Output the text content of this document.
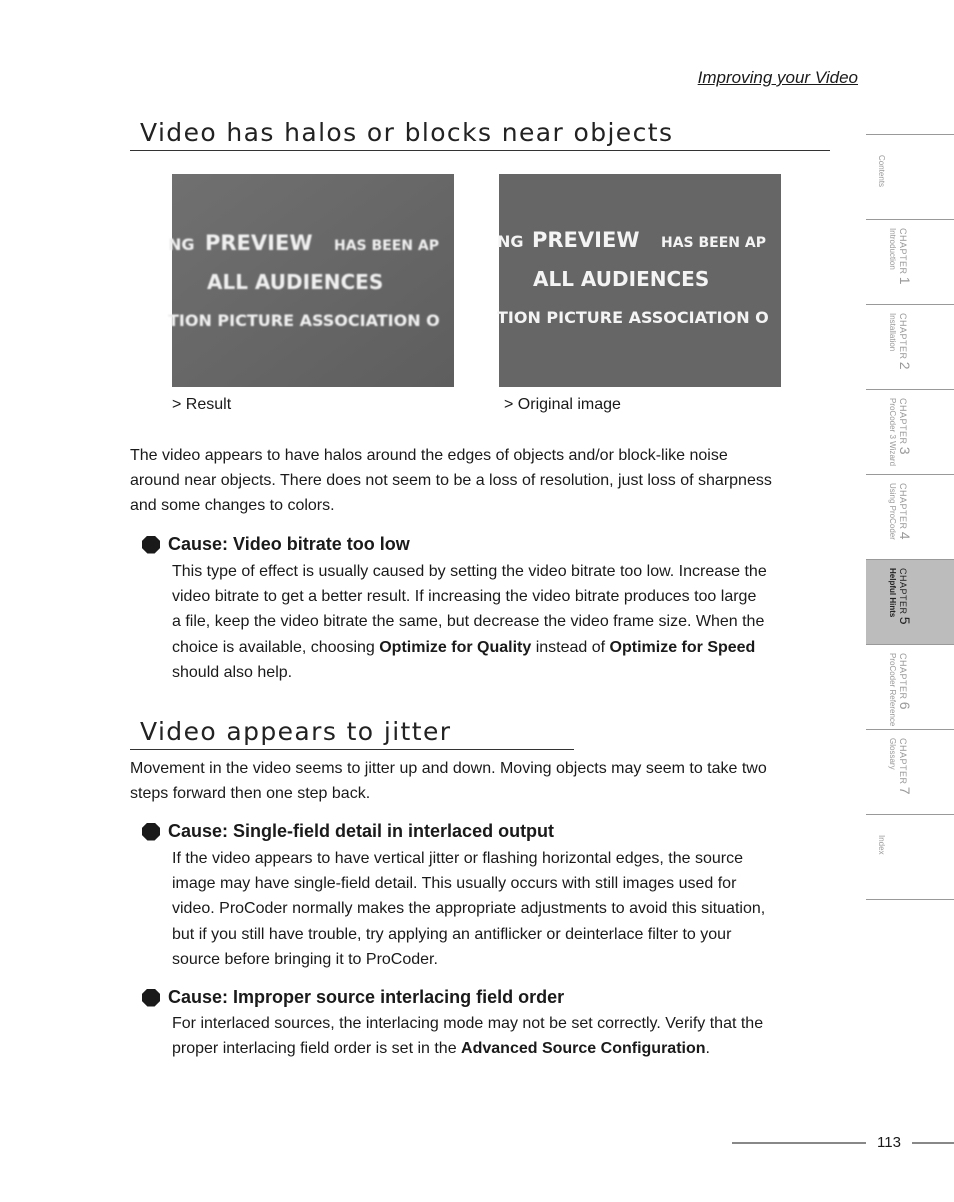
Improving your Video
Video has halos or blocks near objects
NG PREVIEW HAS BEEN AP
ALL AUDIENCES
TION PICTURE ASSOCIATION O
NG PREVIEW HAS BEEN AP
ALL AUDIENCES
TION PICTURE ASSOCIATION O
> Result	> Original image

The video appears to have halos around the edges of objects and/or block-like noise
around near objects. There does not seem to be a loss of resolution, just loss of sharpness
and some changes to colors.

Cause: Video bitrate too low

This type of effect is usually caused by setting the video bitrate too low. Increase the
video bitrate to get a better result. If increasing the video bitrate produces too large
a file, keep the video bitrate the same, but decrease the video frame size. When the
choice is available, choosing Optimize for Quality instead of Optimize for Speed
should also help.

Video appears to jitter

Movement in the video seems to jitter up and down. Moving objects may seem to take two
steps forward then one step back.

Cause: Single-field detail in interlaced output

If the video appears to have vertical jitter or flashing horizontal edges, the source
image may have single-field detail. This usually occurs with still images used for
video. ProCoder normally makes the appropriate adjustments to avoid this situation,
but if you still have trouble, try applying an antiflicker or deinterlace filter to your
source before bringing it to ProCoder.

Cause: Improper source interlacing field order

For interlaced sources, the interlacing mode may not be set correctly. Verify that the
proper interlacing field order is set in the Advanced Source Configuration.

Contents
CHAPTER 1
Introduction
CHAPTER 2
Installation
CHAPTER 3
ProCoder 3 Wizard
CHAPTER 4
Using ProCoder
CHAPTER 5
Helpful Hints
CHAPTER 6
ProCoder Reference
CHAPTER 7
Glossary
Index
113
